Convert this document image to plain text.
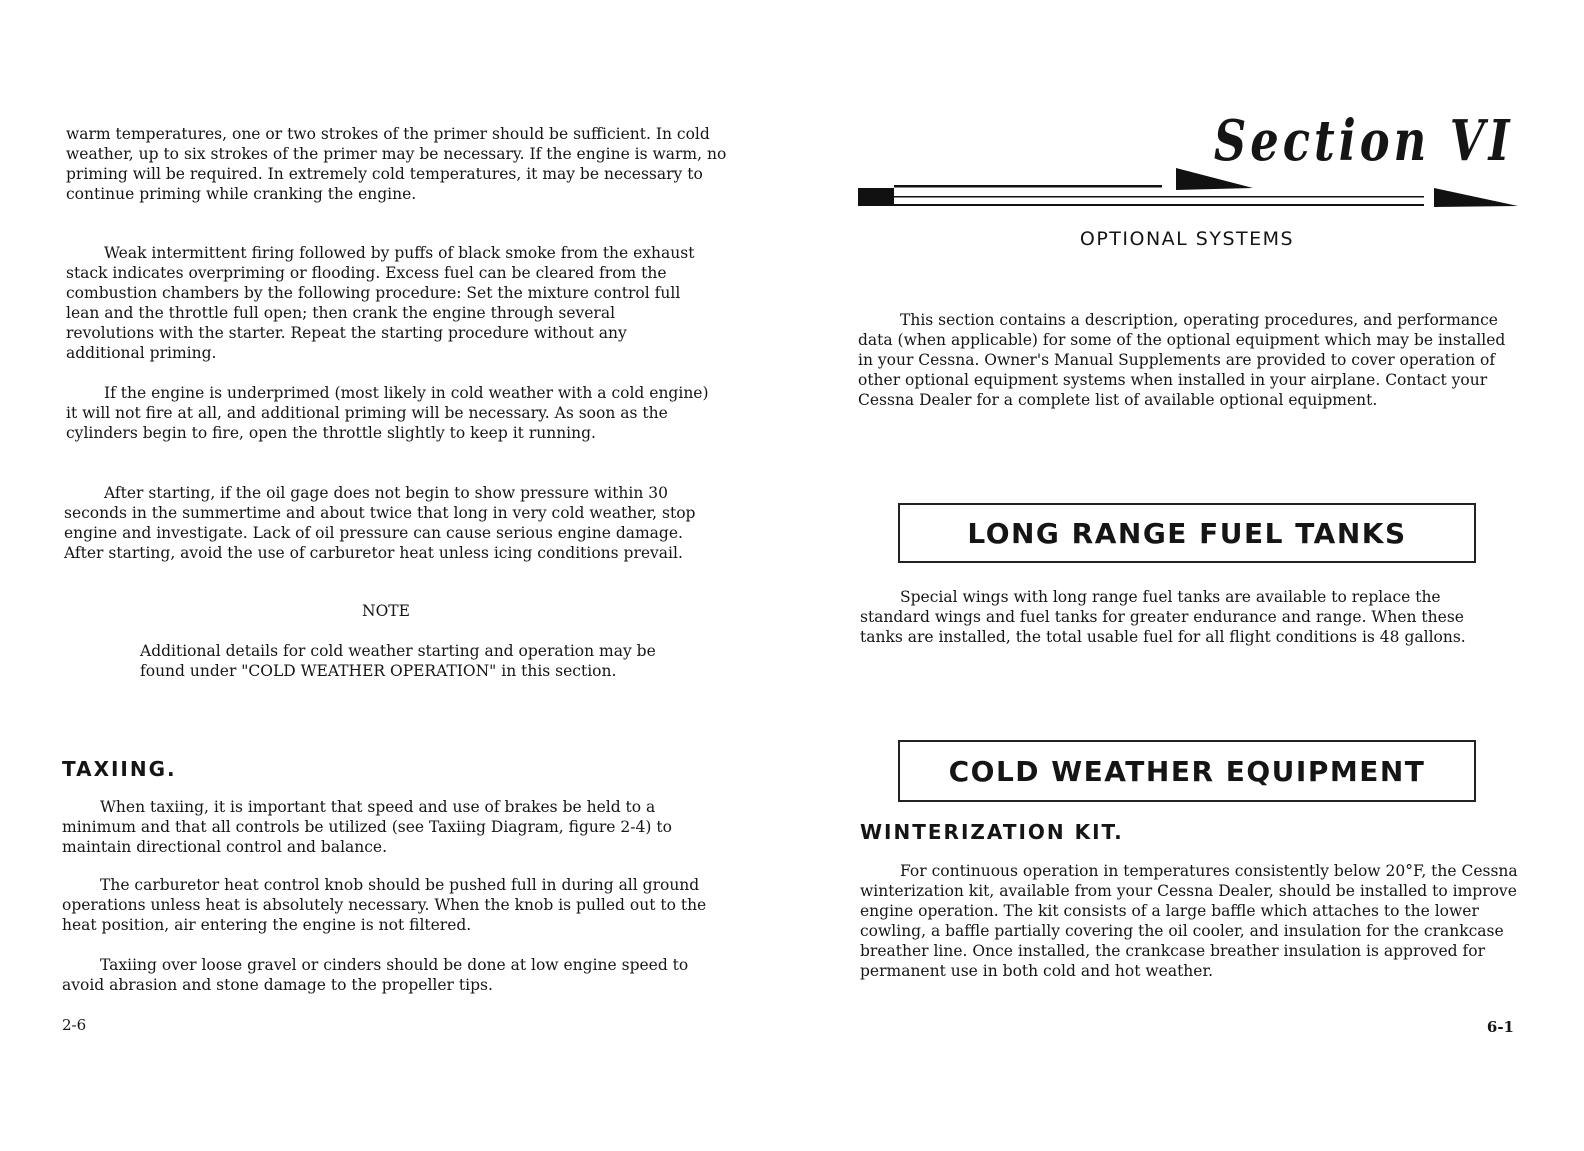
warm temperatures, one or two strokes of the primer should be sufficient. In cold weather, up to six strokes of the primer may be necessary. If the engine is warm, no priming will be required. In extremely cold temperatures, it may be necessary to continue priming while cranking the engine.

Weak intermittent firing followed by puffs of black smoke from the exhaust stack indicates overpriming or flooding. Excess fuel can be cleared from the combustion chambers by the following procedure: Set the mixture control full lean and the throttle full open; then crank the engine through several revolutions with the starter. Repeat the starting procedure without any additional priming.

If the engine is underprimed (most likely in cold weather with a cold engine) it will not fire at all, and additional priming will be necessary. As soon as the cylinders begin to fire, open the throttle slightly to keep it running.

After starting, if the oil gage does not begin to show pressure within 30 seconds in the summertime and about twice that long in very cold weather, stop engine and investigate. Lack of oil pressure can cause serious engine damage. After starting, avoid the use of carburetor heat unless icing conditions prevail.

NOTE

Additional details for cold weather starting and operation may be found under "COLD WEATHER OPERATION" in this section.

TAXIING.

When taxiing, it is important that speed and use of brakes be held to a minimum and that all controls be utilized (see Taxiing Diagram, figure 2-4) to maintain directional control and balance.

The carburetor heat control knob should be pushed full in during all ground operations unless heat is absolutely necessary. When the knob is pulled out to the heat position, air entering the engine is not filtered.

Taxiing over loose gravel or cinders should be done at low engine speed to avoid abrasion and stone damage to the propeller tips.

2-6
Section VI
OPTIONAL SYSTEMS

This section contains a description, operating procedures, and performance data (when applicable) for some of the optional equipment which may be installed in your Cessna. Owner's Manual Supplements are provided to cover operation of other optional equipment systems when installed in your airplane. Contact your Cessna Dealer for a complete list of available optional equipment.

LONG RANGE FUEL TANKS

Special wings with long range fuel tanks are available to replace the standard wings and fuel tanks for greater endurance and range. When these tanks are installed, the total usable fuel for all flight conditions is 48 gallons.

COLD WEATHER EQUIPMENT
WINTERIZATION KIT.

For continuous operation in temperatures consistently below 20°F, the Cessna winterization kit, available from your Cessna Dealer, should be installed to improve engine operation. The kit consists of a large baffle which attaches to the lower cowling, a baffle partially covering the oil cooler, and insulation for the crankcase breather line. Once installed, the crankcase breather insulation is approved for permanent use in both cold and hot weather.

6-1
